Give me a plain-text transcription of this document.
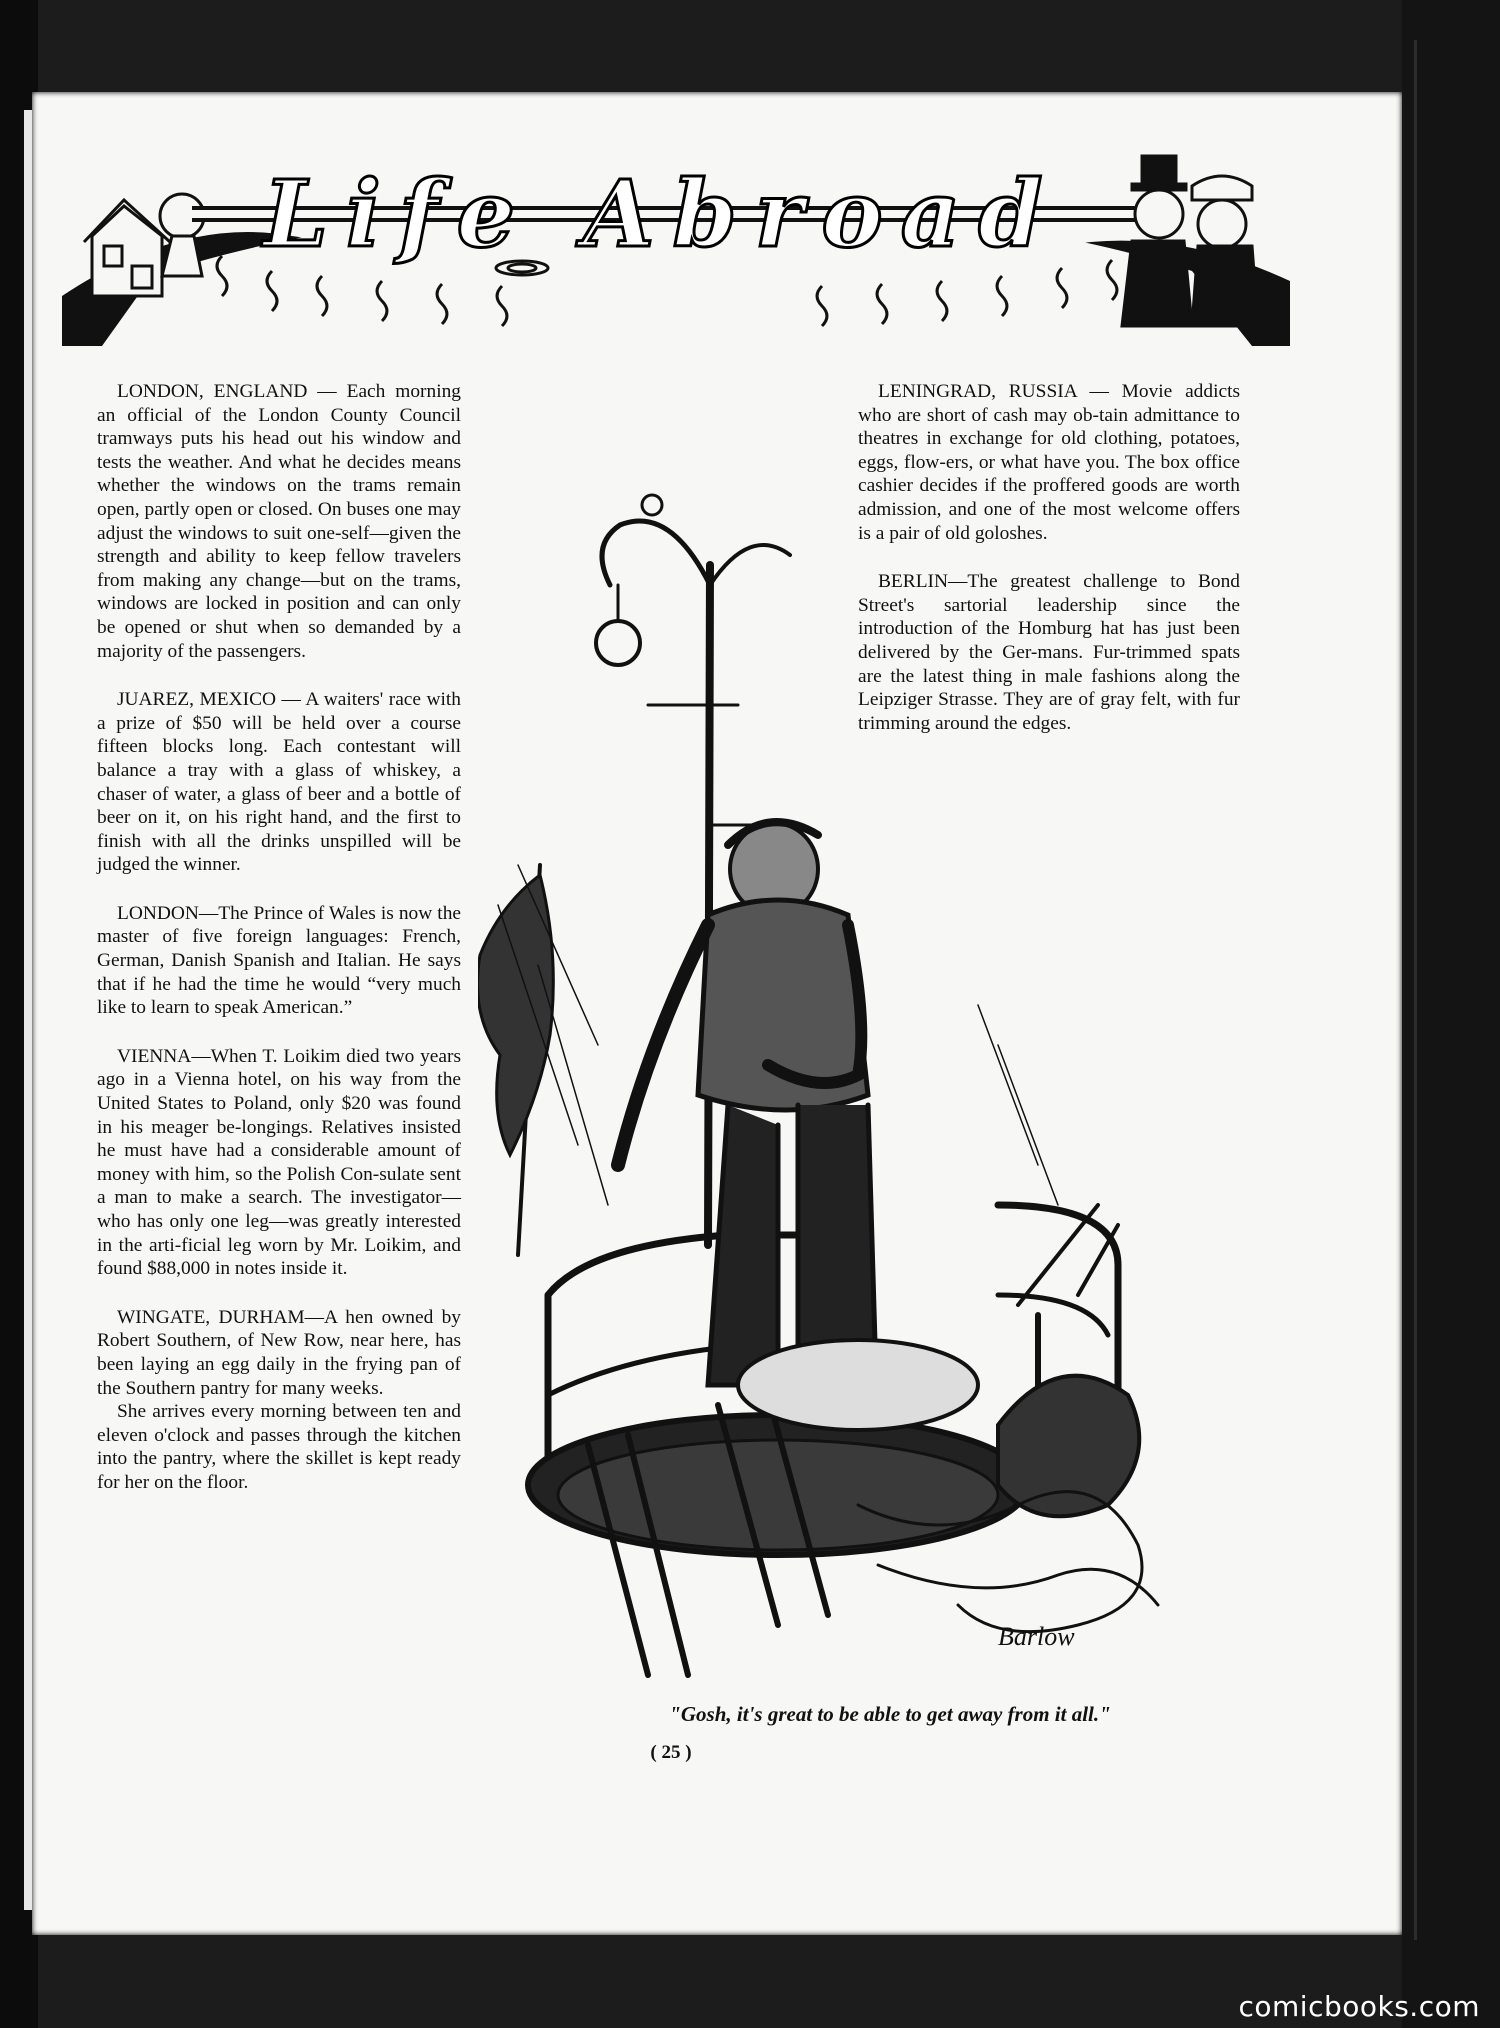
Life Abroad

LONDON, ENGLAND — Each morning an official of the London County Council tramways puts his head out his window and tests the weather. And what he decides means whether the windows on the trams remain open, partly open or closed. On buses one may adjust the windows to suit one-self—given the strength and ability to keep fellow travelers from making any change—but on the trams, windows are locked in position and can only be opened or shut when so demanded by a majority of the passengers.

JUAREZ, MEXICO — A waiters' race with a prize of $50 will be held over a course fifteen blocks long. Each contestant will balance a tray with a glass of whiskey, a chaser of water, a glass of beer and a bottle of beer on it, on his right hand, and the first to finish with all the drinks unspilled will be judged the winner.

LONDON—The Prince of Wales is now the master of five foreign languages: French, German, Danish Spanish and Italian. He says that if he had the time he would “very much like to learn to speak American.”

VIENNA—When T. Loikim died two years ago in a Vienna hotel, on his way from the United States to Poland, only $20 was found in his meager be-longings. Relatives insisted he must have had a considerable amount of money with him, so the Polish Con-sulate sent a man to make a search. The investigator—who has only one leg—was greatly interested in the arti-ficial leg worn by Mr. Loikim, and found $88,000 in notes inside it.

WINGATE, DURHAM—A hen owned by Robert Southern, of New Row, near here, has been laying an egg daily in the frying pan of the Southern pantry for many weeks.

She arrives every morning between ten and eleven o'clock and passes through the kitchen into the pantry, where the skillet is kept ready for her on the floor.

LENINGRAD, RUSSIA — Movie addicts who are short of cash may ob-tain admittance to theatres in exchange for old clothing, potatoes, eggs, flow-ers, or what have you. The box office cashier decides if the proffered goods are worth admission, and one of the most welcome offers is a pair of old goloshes.

BERLIN—The greatest challenge to Bond Street's sartorial leadership since the introduction of the Homburg hat has just been delivered by the Ger-mans. Fur-trimmed spats are the latest thing in male fashions along the Leipziger Strasse. They are of gray felt, with fur trimming around the edges.

Barlow
"Gosh, it's great to be able to get away from it all."
( 25 )
comicbooks.com
